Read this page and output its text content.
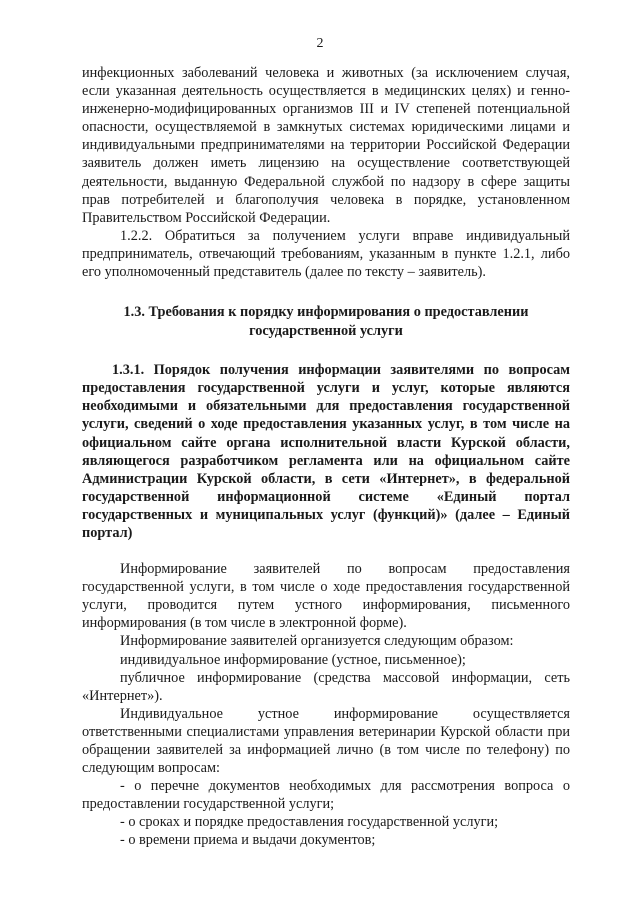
2

инфекционных заболеваний человека и животных (за исключением случая, если указанная деятельность осуществляется в медицинских целях) и генно-инженерно-модифицированных организмов III и IV степеней потенциальной опасности, осуществляемой в замкнутых системах юридическими лицами и индивидуальными предпринимателями на территории Российской Федерации заявитель должен иметь лицензию на осуществление соответствующей деятельности, выданную Федеральной службой по надзору в сфере защиты прав потребителей и благополучия человека в порядке, установленном Правительством Российской Федерации.

1.2.2. Обратиться за получением услуги вправе индивидуальный предприниматель, отвечающий требованиям, указанным в пункте 1.2.1, либо его уполномоченный представитель (далее по тексту – заявитель).

1.3. Требования к порядку информирования о предоставлении государственной услуги

1.3.1. Порядок получения информации заявителями по вопросам предоставления государственной услуги и услуг, которые являются необходимыми и обязательными для предоставления государственной услуги, сведений о ходе предоставления указанных услуг, в том числе на официальном сайте органа исполнительной власти Курской области, являющегося разработчиком регламента или на официальном сайте Администрации Курской области, в сети «Интернет», в федеральной государственной информационной системе «Единый портал государственных и муниципальных услуг (функций)» (далее – Единый портал)

Информирование заявителей по вопросам предоставления государственной услуги, в том числе о ходе предоставления государственной услуги, проводится путем устного информирования, письменного информирования (в том числе в электронной форме).

Информирование заявителей организуется следующим образом:

индивидуальное информирование (устное, письменное);

публичное информирование (средства массовой информации, сеть «Интернет»).

Индивидуальное устное информирование осуществляется ответственными специалистами управления ветеринарии Курской области при обращении заявителей за информацией лично (в том числе по телефону) по следующим вопросам:

- о перечне документов необходимых для рассмотрения вопроса о предоставлении государственной услуги;

- о сроках и порядке предоставления государственной услуги;

- о времени приема и выдачи документов;
